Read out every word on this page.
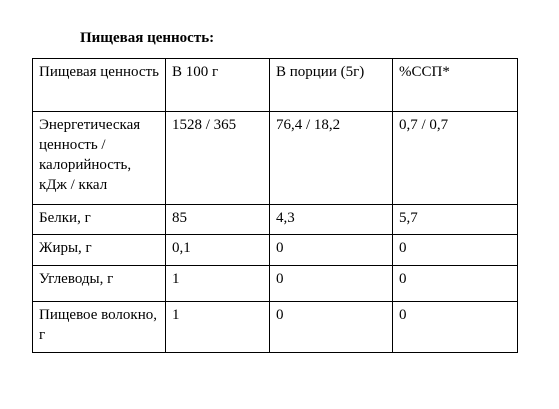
Пищевая ценность:
Пищевая ценность	В 100 г	В порции (5г)	%ССП*
Энергетическая ценность / калорийность, кДж / ккал	1528 / 365	76,4 / 18,2	0,7 / 0,7
Белки, г	85	4,3	5,7
Жиры, г	0,1	0	0
Углеводы, г	1	0	0
Пищевое волокно, г	1	0	0
